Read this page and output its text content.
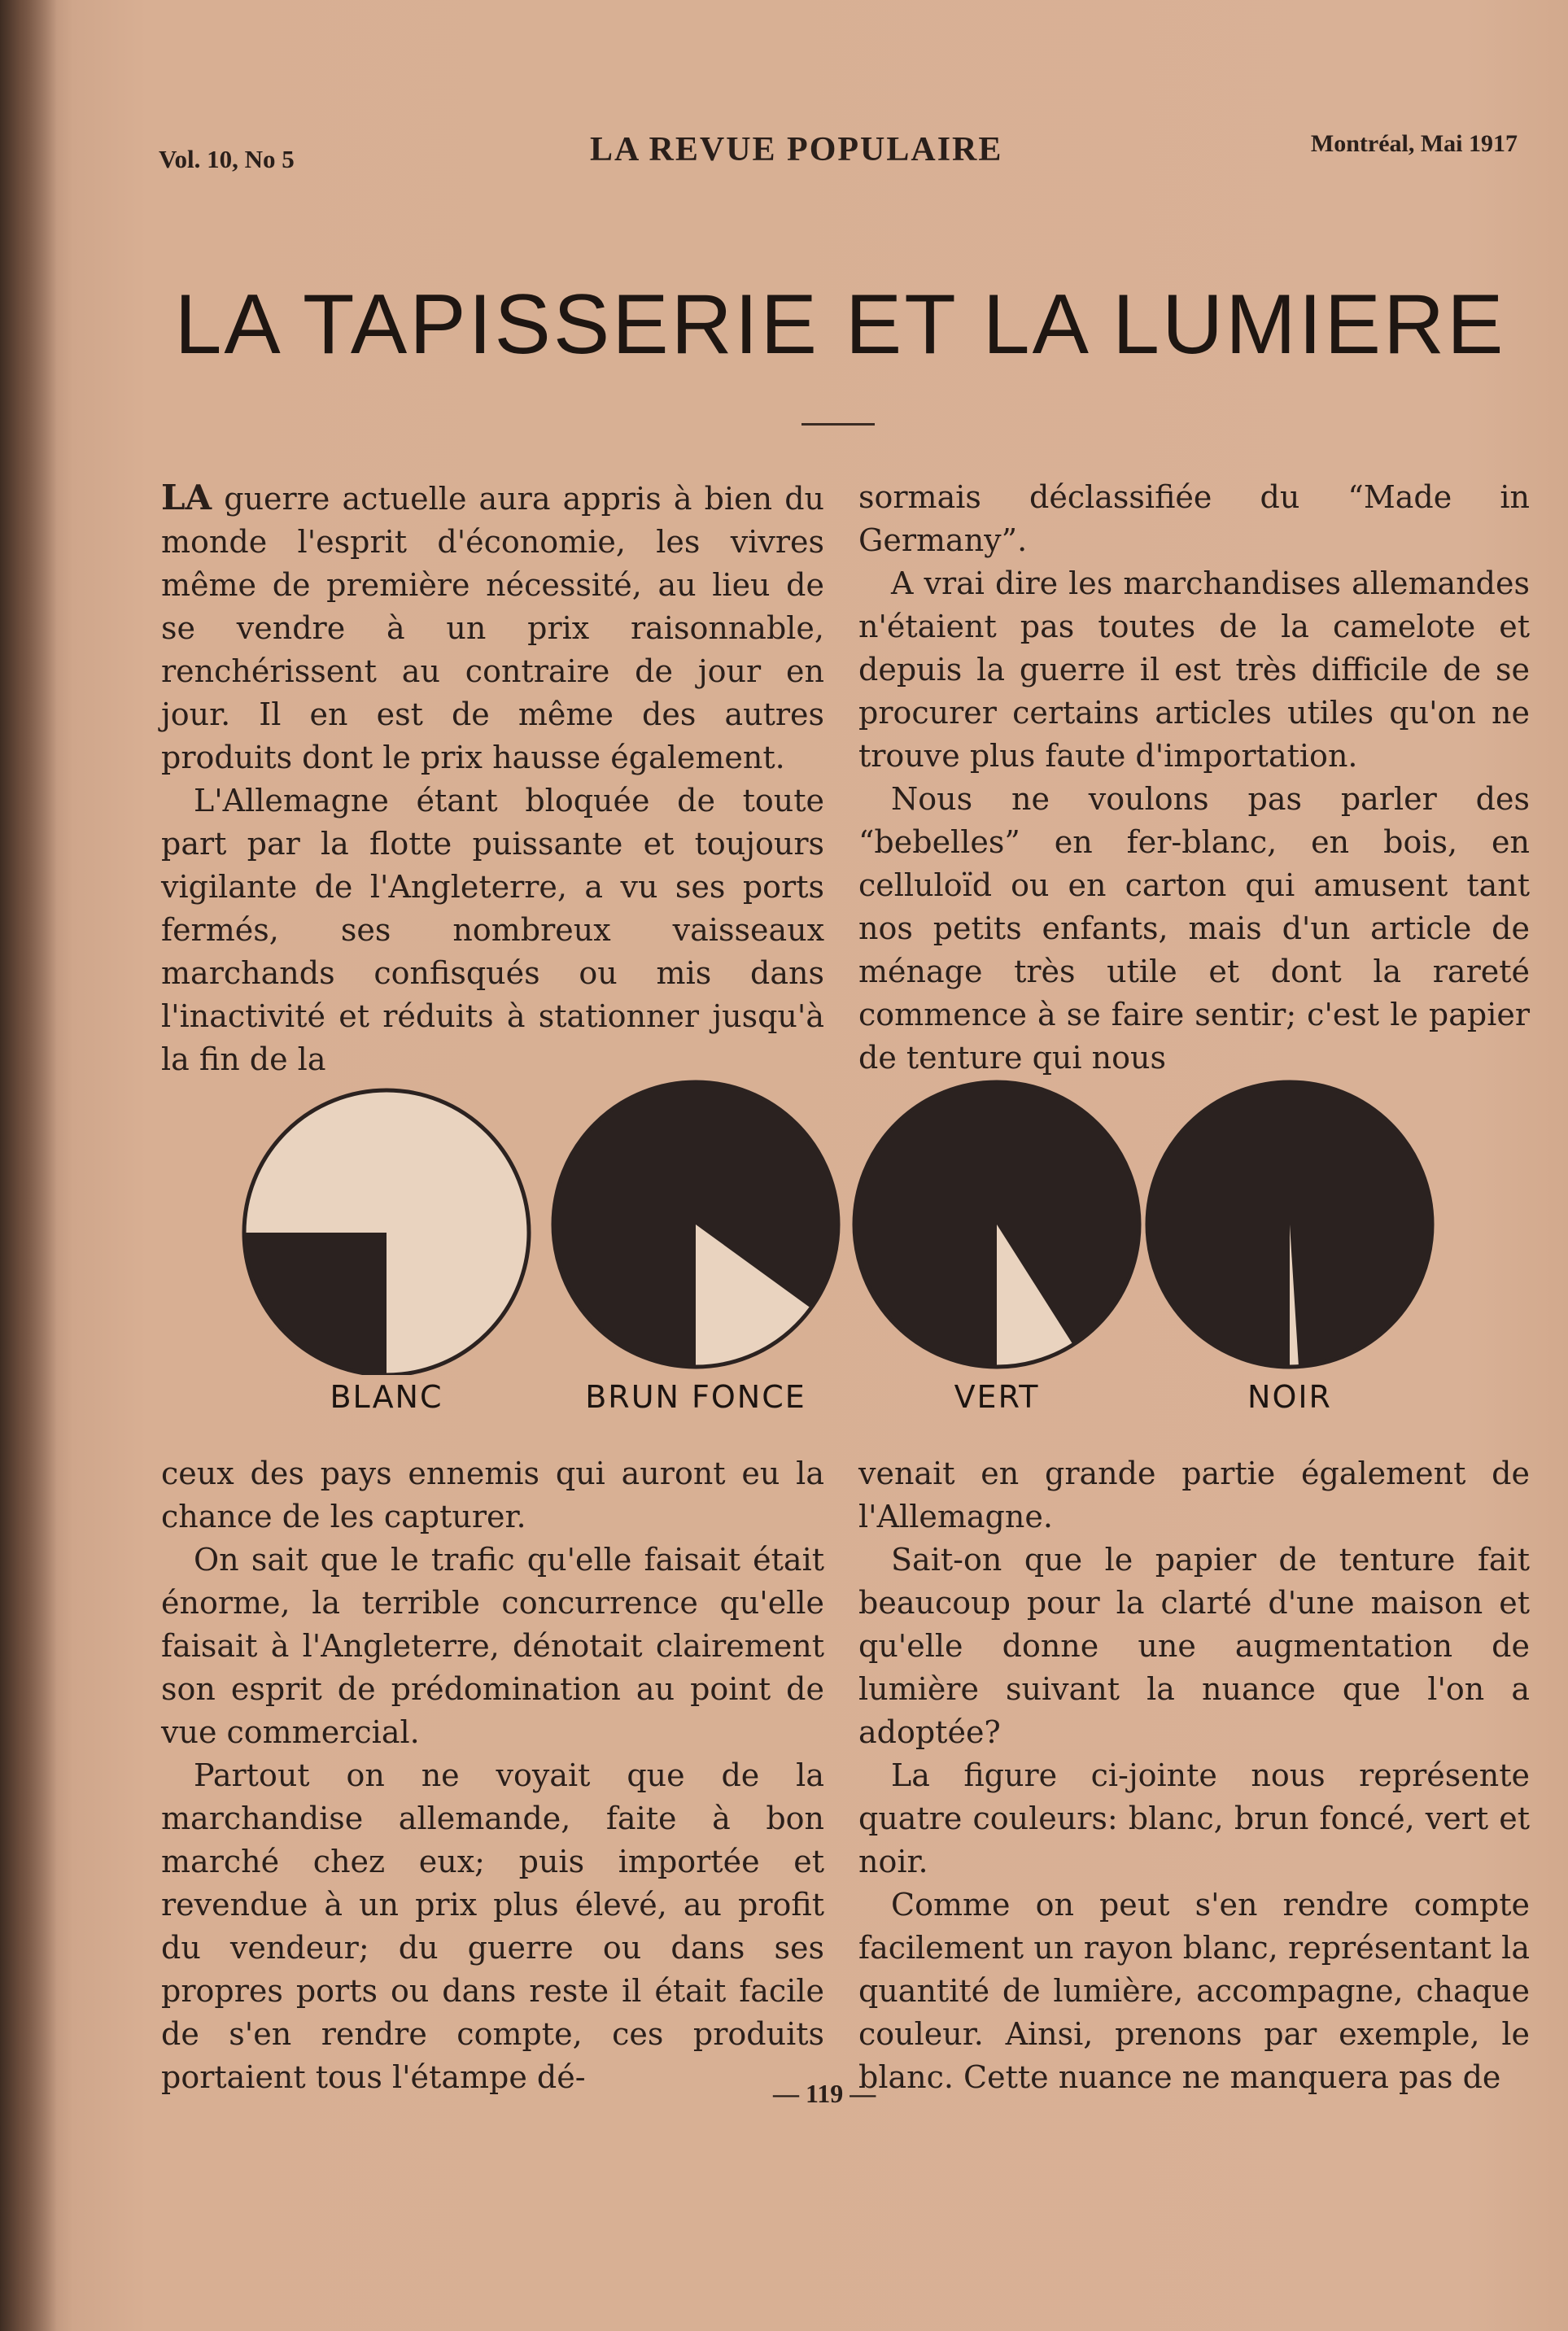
Vol. 10, No 5	LA REVUE POPULAIRE	Montréal, Mai 1917
LA TAPISSERIE ET LA LUMIERE

LA guerre actuelle aura appris à bien du monde l'esprit d'économie, les vivres même de première nécessité, au lieu de se vendre à un prix raisonnable, renchérissent au contraire de jour en jour. Il en est de même des autres produits dont le prix hausse également.

L'Allemagne étant bloquée de toute part par la flotte puissante et toujours vigilante de l'Angleterre, a vu ses ports fermés, ses nombreux vaisseaux marchands confisqués ou mis dans l'inactivité et réduits à stationner jusqu'à la fin de la

sormais déclassifiée du “Made in Germany”.

A vrai dire les marchandises allemandes n'étaient pas toutes de la camelote et depuis la guerre il est très difficile de se procurer certains articles utiles qu'on ne trouve plus faute d'importation.

Nous ne voulons pas parler des “bebelles” en fer-blanc, en bois, en celluloïd ou en carton qui amusent tant nos petits enfants, mais d'un article de ménage très utile et dont la rareté commence à se faire sentir; c'est le papier de tenture qui nous

BLANC	BRUN FONCE	VERT	NOIR

ceux des pays ennemis qui auront eu la chance de les capturer.

On sait que le trafic qu'elle faisait était énorme, la terrible concurrence qu'elle faisait à l'Angleterre, dénotait clairement son esprit de prédomination au point de vue commercial.

Partout on ne voyait que de la marchandise allemande, faite à bon marché chez eux; puis importée et revendue à un prix plus élevé, au profit du vendeur; du guerre ou dans ses propres ports ou dans reste il était facile de s'en rendre compte, ces produits portaient tous l'étampe dé-

venait en grande partie également de l'Allemagne.

Sait-on que le papier de tenture fait beaucoup pour la clarté d'une maison et qu'elle donne une augmentation de lumière suivant la nuance que l'on a adoptée?

La figure ci-jointe nous représente quatre couleurs: blanc, brun foncé, vert et noir.

Comme on peut s'en rendre compte facilement un rayon blanc, représentant la quantité de lumière, accompagne, chaque couleur. Ainsi, prenons par exemple, le blanc. Cette nuance ne manquera pas de

— 119 —
